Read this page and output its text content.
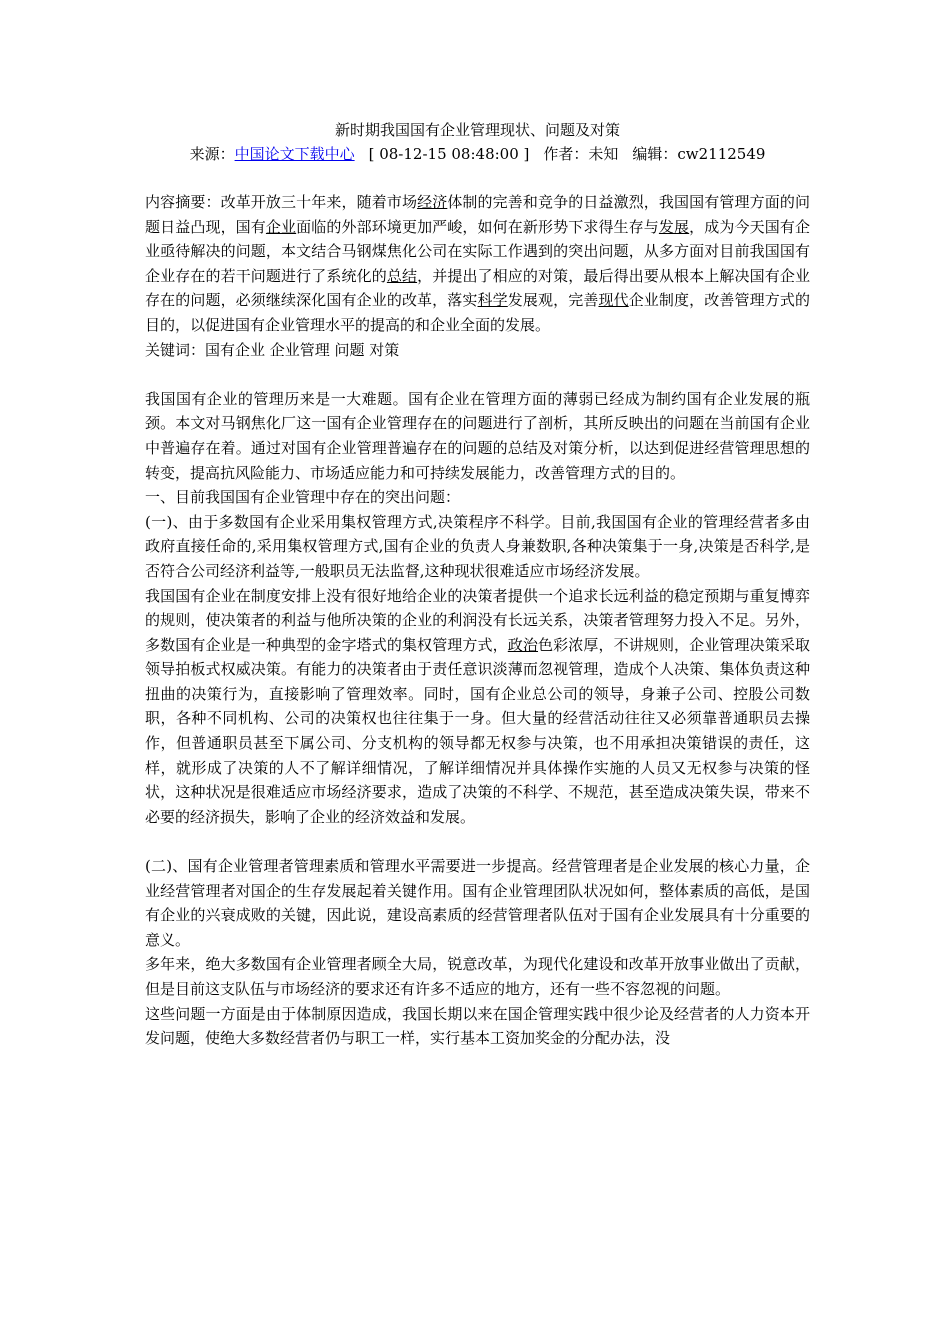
新时期我国国有企业管理现状、问题及对策

来源：中国论文下载中心 [ 08-12-15 08:48:00 ] 作者：未知 编辑：cw2112549

内容摘要：改革开放三十年来，随着市场经济体制的完善和竞争的日益激烈，我国国有管理方面的问题日益凸现，国有企业面临的外部环境更加严峻，如何在新形势下求得生存与发展，成为今天国有企业亟待解决的问题，本文结合马钢煤焦化公司在实际工作遇到的突出问题，从多方面对目前我国国有企业存在的若干问题进行了系统化的总结，并提出了相应的对策，最后得出要从根本上解决国有企业存在的问题，必须继续深化国有企业的改革，落实科学发展观，完善现代企业制度，改善管理方式的目的，以促进国有企业管理水平的提高的和企业全面的发展。

关键词：国有企业 企业管理 问题 对策

我国国有企业的管理历来是一大难题。国有企业在管理方面的薄弱已经成为制约国有企业发展的瓶颈。本文对马钢焦化厂这一国有企业管理存在的问题进行了剖析，其所反映出的问题在当前国有企业中普遍存在着。通过对国有企业管理普遍存在的问题的总结及对策分析，以达到促进经营管理思想的转变，提高抗风险能力、市场适应能力和可持续发展能力，改善管理方式的目的。

一、目前我国国有企业管理中存在的突出问题：

(一)、由于多数国有企业采用集权管理方式,决策程序不科学。目前,我国国有企业的管理经营者多由政府直接任命的,采用集权管理方式,国有企业的负责人身兼数职,各种决策集于一身,决策是否科学,是否符合公司经济利益等,一般职员无法监督,这种现状很难适应市场经济发展。

我国国有企业在制度安排上没有很好地给企业的决策者提供一个追求长远利益的稳定预期与重复博弈的规则，使决策者的利益与他所决策的企业的利润没有长远关系，决策者管理努力投入不足。另外，多数国有企业是一种典型的金字塔式的集权管理方式，政治色彩浓厚，不讲规则，企业管理决策采取领导拍板式权威决策。有能力的决策者由于责任意识淡薄而忽视管理，造成个人决策、集体负责这种扭曲的决策行为，直接影响了管理效率。同时，国有企业总公司的领导，身兼子公司、控股公司数职，各种不同机构、公司的决策权也往往集于一身。但大量的经营活动往往又必须靠普通职员去操作，但普通职员甚至下属公司、分支机构的领导都无权参与决策，也不用承担决策错误的责任，这样，就形成了决策的人不了解详细情况，了解详细情况并具体操作实施的人员又无权参与决策的怪状，这种状况是很难适应市场经济要求，造成了决策的不科学、不规范，甚至造成决策失误，带来不必要的经济损失，影响了企业的经济效益和发展。

(二)、国有企业管理者管理素质和管理水平需要进一步提高。经营管理者是企业发展的核心力量，企业经营管理者对国企的生存发展起着关键作用。国有企业管理团队状况如何，整体素质的高低，是国有企业的兴衰成败的关键，因此说，建设高素质的经营管理者队伍对于国有企业发展具有十分重要的意义。

多年来，绝大多数国有企业管理者顾全大局，锐意改革，为现代化建设和改革开放事业做出了贡献，但是目前这支队伍与市场经济的要求还有许多不适应的地方，还有一些不容忽视的问题。

这些问题一方面是由于体制原因造成，我国长期以来在国企管理实践中很少论及经营者的人力资本开发问题，使绝大多数经营者仍与职工一样，实行基本工资加奖金的分配办法，没
